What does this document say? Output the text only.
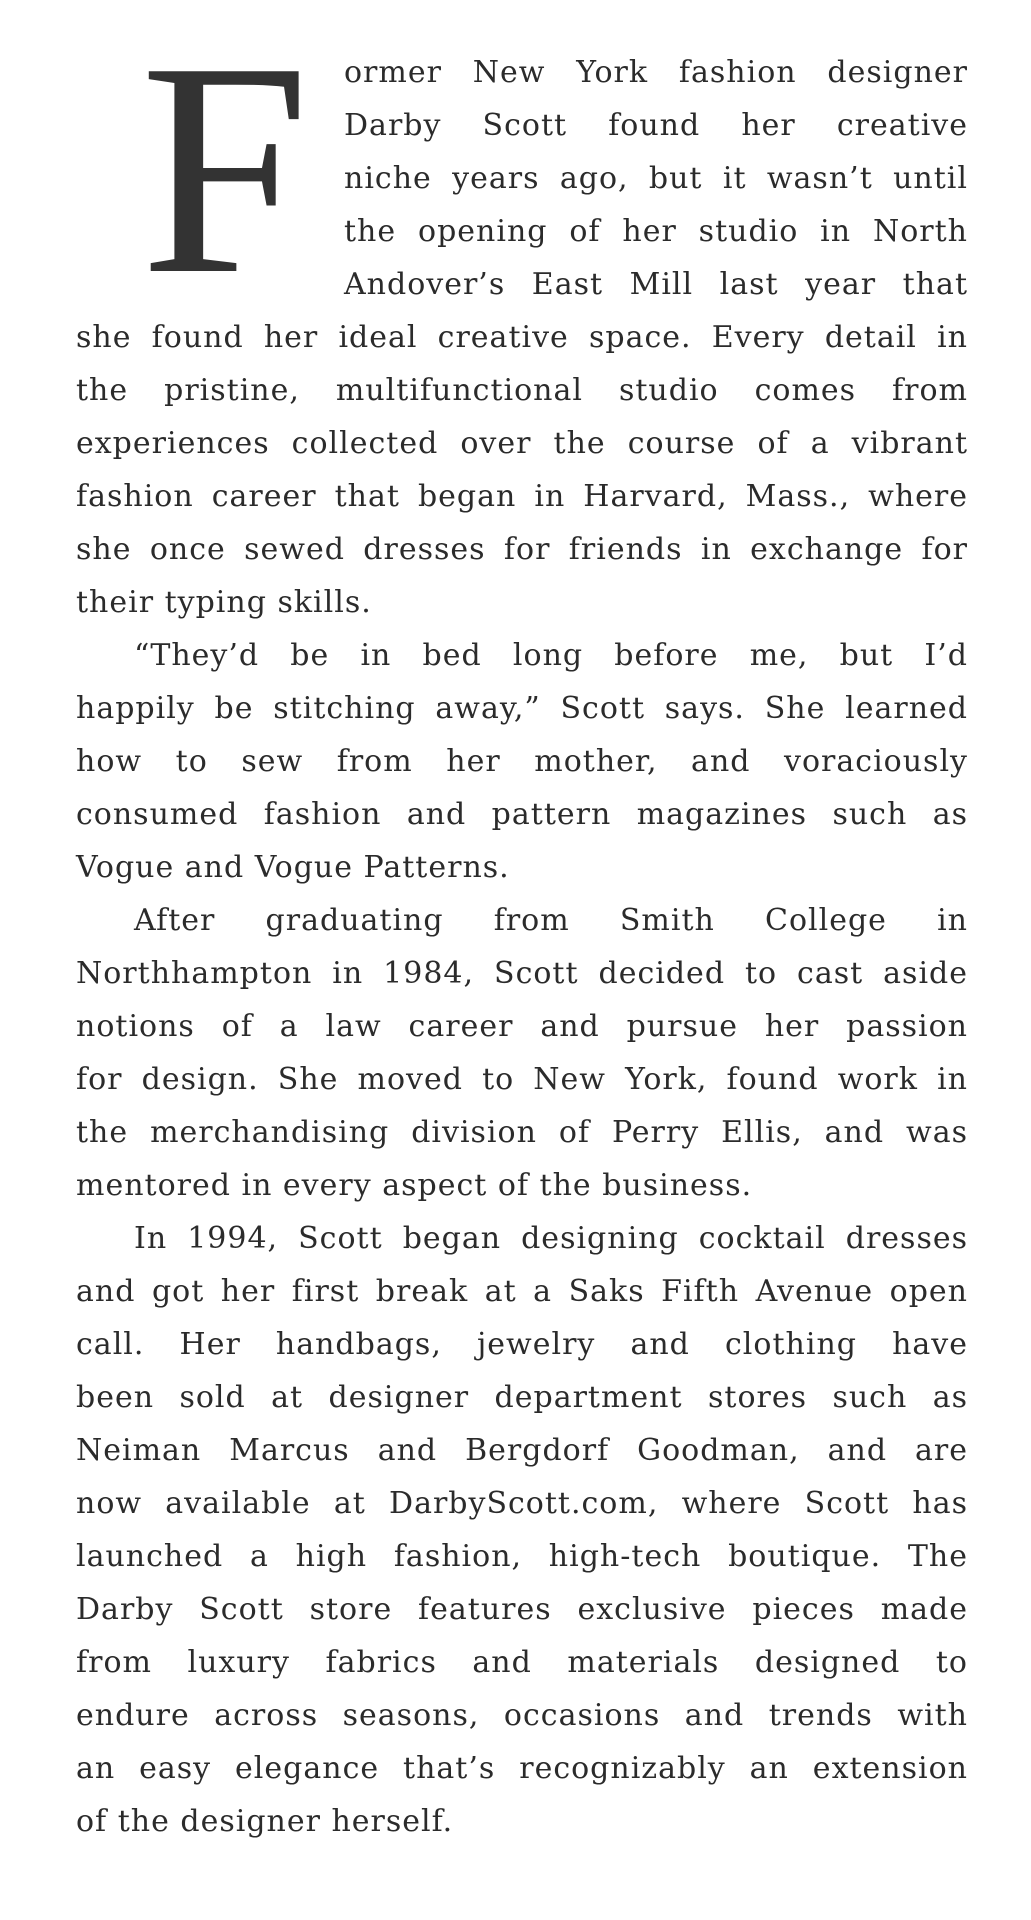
F ormer New York fashion designer
Darby Scott found her creative
niche years ago, but it wasn’t until
the opening of her studio in North
Andover’s East Mill last year that
she found her ideal creative space. Every detail in
the pristine, multifunctional studio comes from
experiences collected over the course of a vibrant
fashion career that began in Harvard, Mass., where
she once sewed dresses for friends in exchange for
their typing skills.
“They’d be in bed long before me, but I’d
happily be stitching away,” Scott says. She learned
how to sew from her mother, and voraciously
consumed fashion and pattern magazines such as
Vogue and Vogue Patterns.
After graduating from Smith College in
Northhampton in 1984, Scott decided to cast aside
notions of a law career and pursue her passion
for design. She moved to New York, found work in
the merchandising division of Perry Ellis, and was
mentored in every aspect of the business.
In 1994, Scott began designing cocktail dresses
and got her first break at a Saks Fifth Avenue open
call. Her handbags, jewelry and clothing have
been sold at designer department stores such as
Neiman Marcus and Bergdorf Goodman, and are
now available at DarbyScott.com, where Scott has
launched a high fashion, high-tech boutique. The
Darby Scott store features exclusive pieces made
from luxury fabrics and materials designed to
endure across seasons, occasions and trends with
an easy elegance that’s recognizably an extension
of the designer herself.
